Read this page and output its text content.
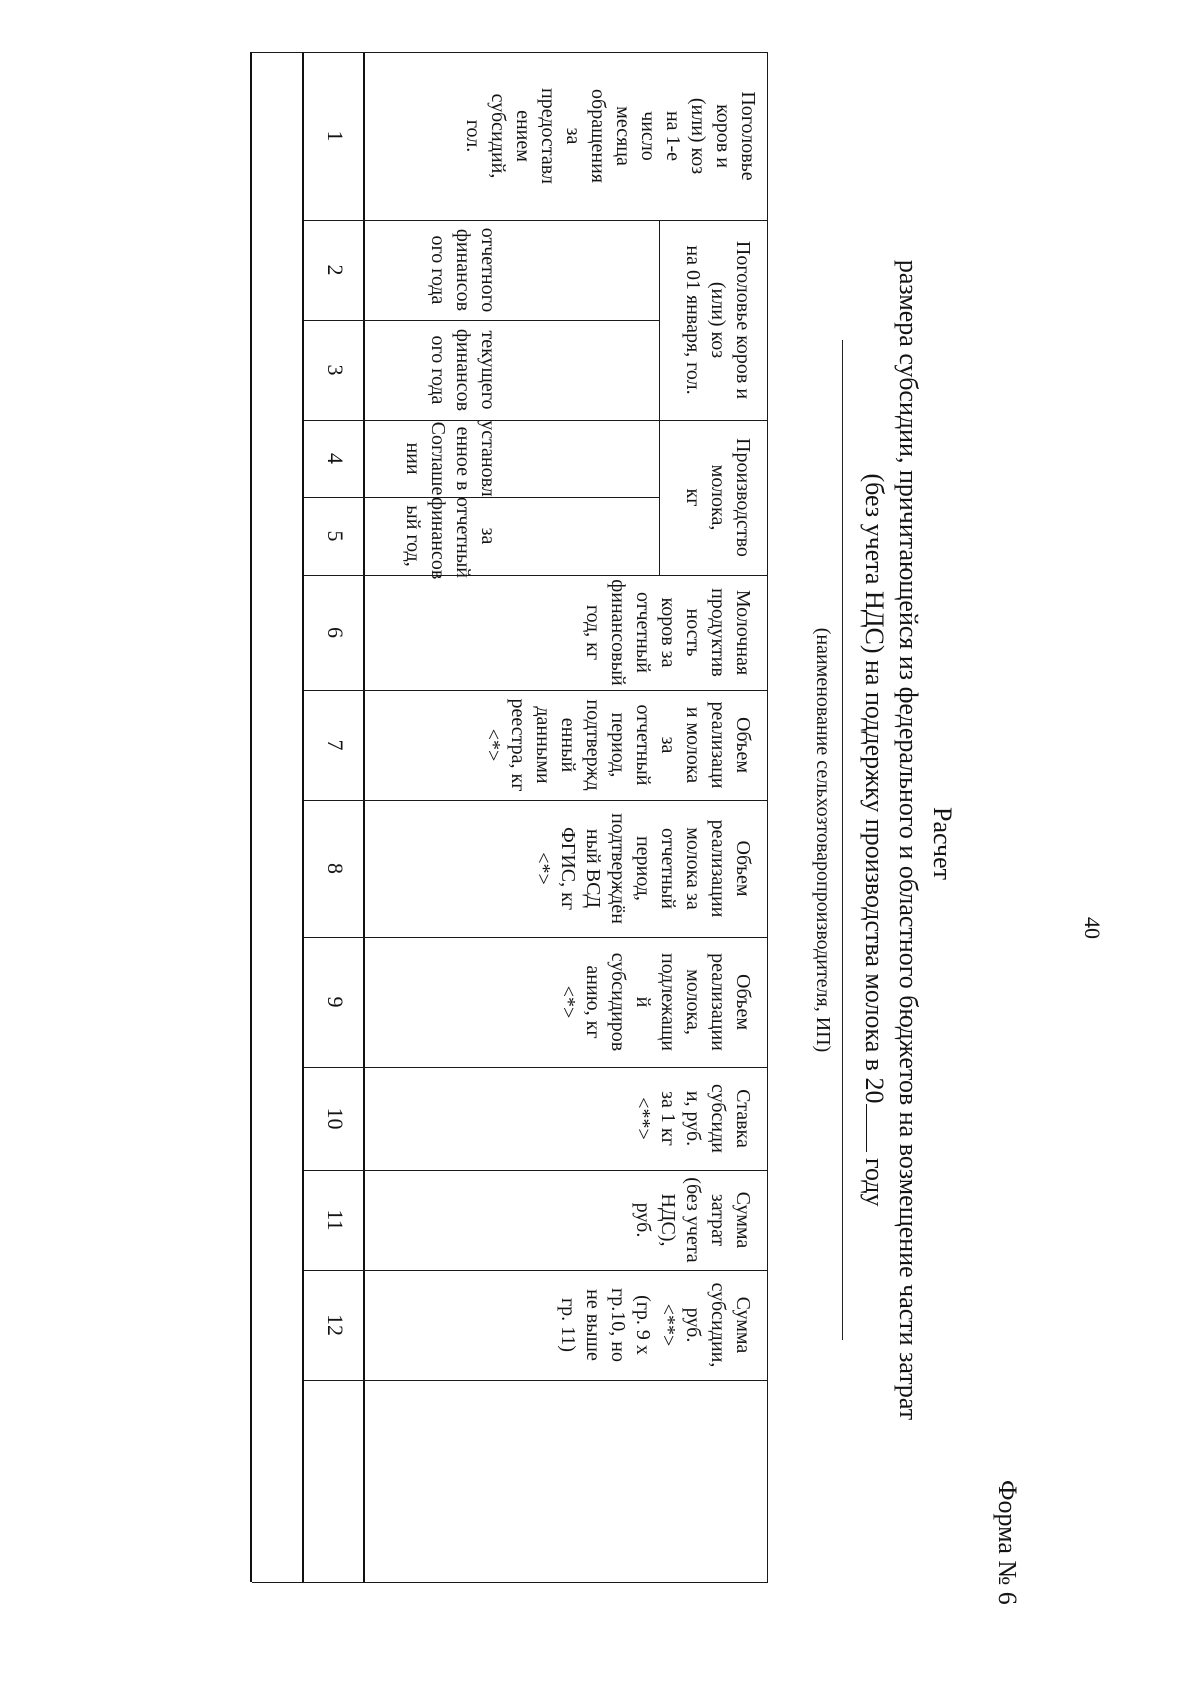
40
Форма № 6
Расчет
размера субсидии, причитающейся из федерального и областного бюджетов на возмещение части затрат
(без учета НДС) на поддержку производства молока в 20 году
(наименование сельхозтоваропроизводителя, ИП)
Поголовье
коров и
(или) коз
на 1-е
число
месяца
обращения
за
предоставл
ением
субсидий,
гол.
Поголовье коров и
(или) коз
на 01 января, гол.
отчетного
финансов
ого года
текущего
финансов
ого года
Производство
молока,
кг
установл
енное в
Соглаше
нии
за
отчетный
финансов
ый год,
Молочная
продуктив
ность
коров за
отчетный
финансовый
год, кг
Объем
реализаци
и молока
за
отчетный
период,
подтвержд
енный
данными
реестра, кг
<*>
Объем
реализации
молока за
отчетный
период,
подтверждён
ный ВСД
ФГИС, кг
<*>
Объем
реализации
молока,
подлежащи
й
субсидиров
анию, кг
<*>
Ставка
субсиди
и, руб.
за 1 кг
<**>
Сумма
затрат
(без учета
НДС),
руб.
Сумма
субсидии,
руб.
<**>
(гр. 9 х
гр.10, но
не выше
гр. 11)
1
2
3
4
5
6
7
8
9
10
11
12
